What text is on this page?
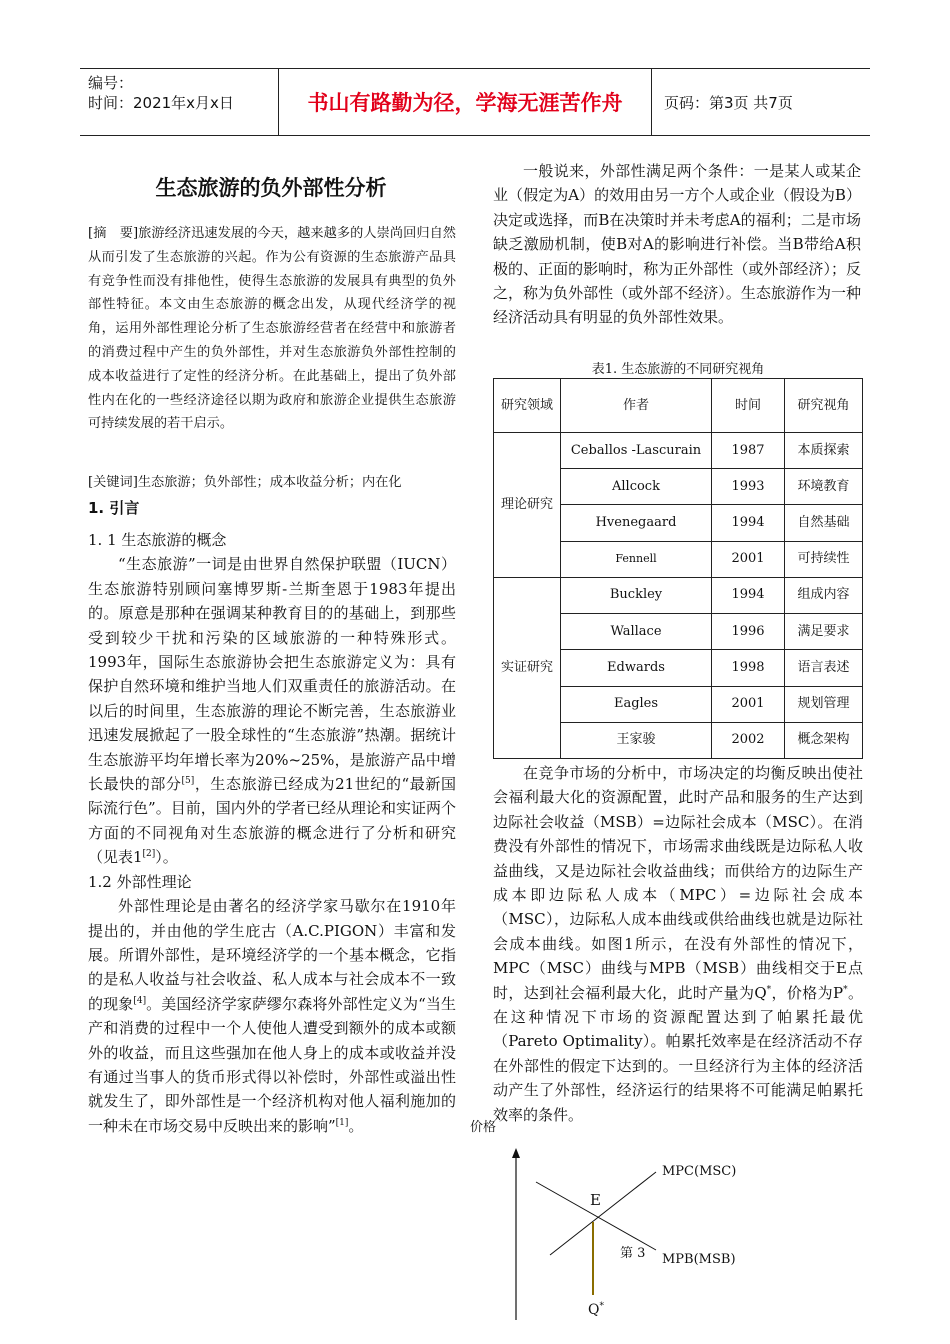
编号：
时间：2021年x月x日	书山有路勤为径，学海无涯苦作舟	页码：第3页 共7页
生态旅游的负外部性分析
[摘　要]旅游经济迅速发展的今天，越来越多的人崇尚回归自然从而引发了生态旅游的兴起。作为公有资源的生态旅游产品具有竞争性而没有排他性，使得生态旅游的发展具有典型的负外部性特征。本文由生态旅游的概念出发，从现代经济学的视角，运用外部性理论分析了生态旅游经营者在经营中和旅游者的消费过程中产生的负外部性，并对生态旅游负外部性控制的成本收益进行了定性的经济分析。在此基础上，提出了负外部性内在化的一些经济途径以期为政府和旅游企业提供生态旅游可持续发展的若干启示。
[关键词]生态旅游；负外部性；成本收益分析；内在化
1. 引言

1. 1 生态旅游的概念

“生态旅游”一词是由世界自然保护联盟（IUCN）生态旅游特别顾问塞博罗斯-兰斯奎恩于1983年提出的。原意是那种在强调某种教育目的的基础上，到那些受到较少干扰和污染的区域旅游的一种特殊形式。1993年，国际生态旅游协会把生态旅游定义为：具有保护自然环境和维护当地人们双重责任的旅游活动。在以后的时间里，生态旅游的理论不断完善，生态旅游业迅速发展掀起了一股全球性的“生态旅游”热潮。据统计生态旅游平均年增长率为20%~25%，是旅游产品中增长最快的部分[5]，生态旅游已经成为21世纪的“最新国际流行色”。目前，国内外的学者已经从理论和实证两个方面的不同视角对生态旅游的概念进行了分析和研究（见表1[2]）。

1.2 外部性理论

外部性理论是由著名的经济学家马歇尔在1910年提出的，并由他的学生庇古（A.C.PIGON）丰富和发展。所谓外部性，是环境经济学的一个基本概念，它指的是私人收益与社会收益、私人成本与社会成本不一致的现象[4]。美国经济学家萨缪尔森将外部性定义为“当生产和消费的过程中一个人使他人遭受到额外的成本或额外的收益，而且这些强加在他人身上的成本或收益并没有通过当事人的货币形式得以补偿时，外部性或溢出性就发生了，即外部性是一个经济机构对他人福利施加的一种未在市场交易中反映出来的影响”[1]。

一般说来，外部性满足两个条件：一是某人或某企业（假定为A）的效用由另一方个人或企业（假设为B）决定或选择，而B在决策时并未考虑A的福利；二是市场缺乏激励机制，使B对A的影响进行补偿。当B带给A积极的、正面的影响时，称为正外部性（或外部经济）；反之，称为负外部性（或外部不经济）。生态旅游作为一种经济活动具有明显的负外部性效果。

表1. 生态旅游的不同研究视角
研究领域	作者	时间	研究视角
理论研究	Ceballos -Lascurain	1987	本质探索
	Allcock	1993	环境教育
	Hvenegaard	1994	自然基础
	Fennell	2001	可持续性
实证研究	Buckley	1994	组成内容
	Wallace	1996	满足要求
	Edwards	1998	语言表述
	Eagles	2001	规划管理
	王家骏	2002	概念架构

在竞争市场的分析中，市场决定的均衡反映出使社会福利最大化的资源配置，此时产品和服务的生产达到边际社会收益（MSB）=边际社会成本（MSC）。在消费没有外部性的情况下，市场需求曲线既是边际私人收益曲线，又是边际社会收益曲线；而供给方的边际生产成本即边际私人成本（MPC）=边际社会成本（MSC），边际私人成本曲线或供给曲线也就是边际社会成本曲线。如图1所示，在没有外部性的情况下，MPC（MSC）曲线与MPB（MSB）曲线相交于E点时，达到社会福利最大化，此时产量为Q*，价格为P*。在这种情况下市场的资源配置达到了帕累托最优（Pareto Optimality）。帕累托效率是在经济活动不存在外部性的假定下达到的。一旦经济行为主体的经济活动产生了外部性，经济运行的结果将不可能满足帕累托效率的条件。

价格
MPC(MSC)
E
第 3 MPB(MSB)
Q*
